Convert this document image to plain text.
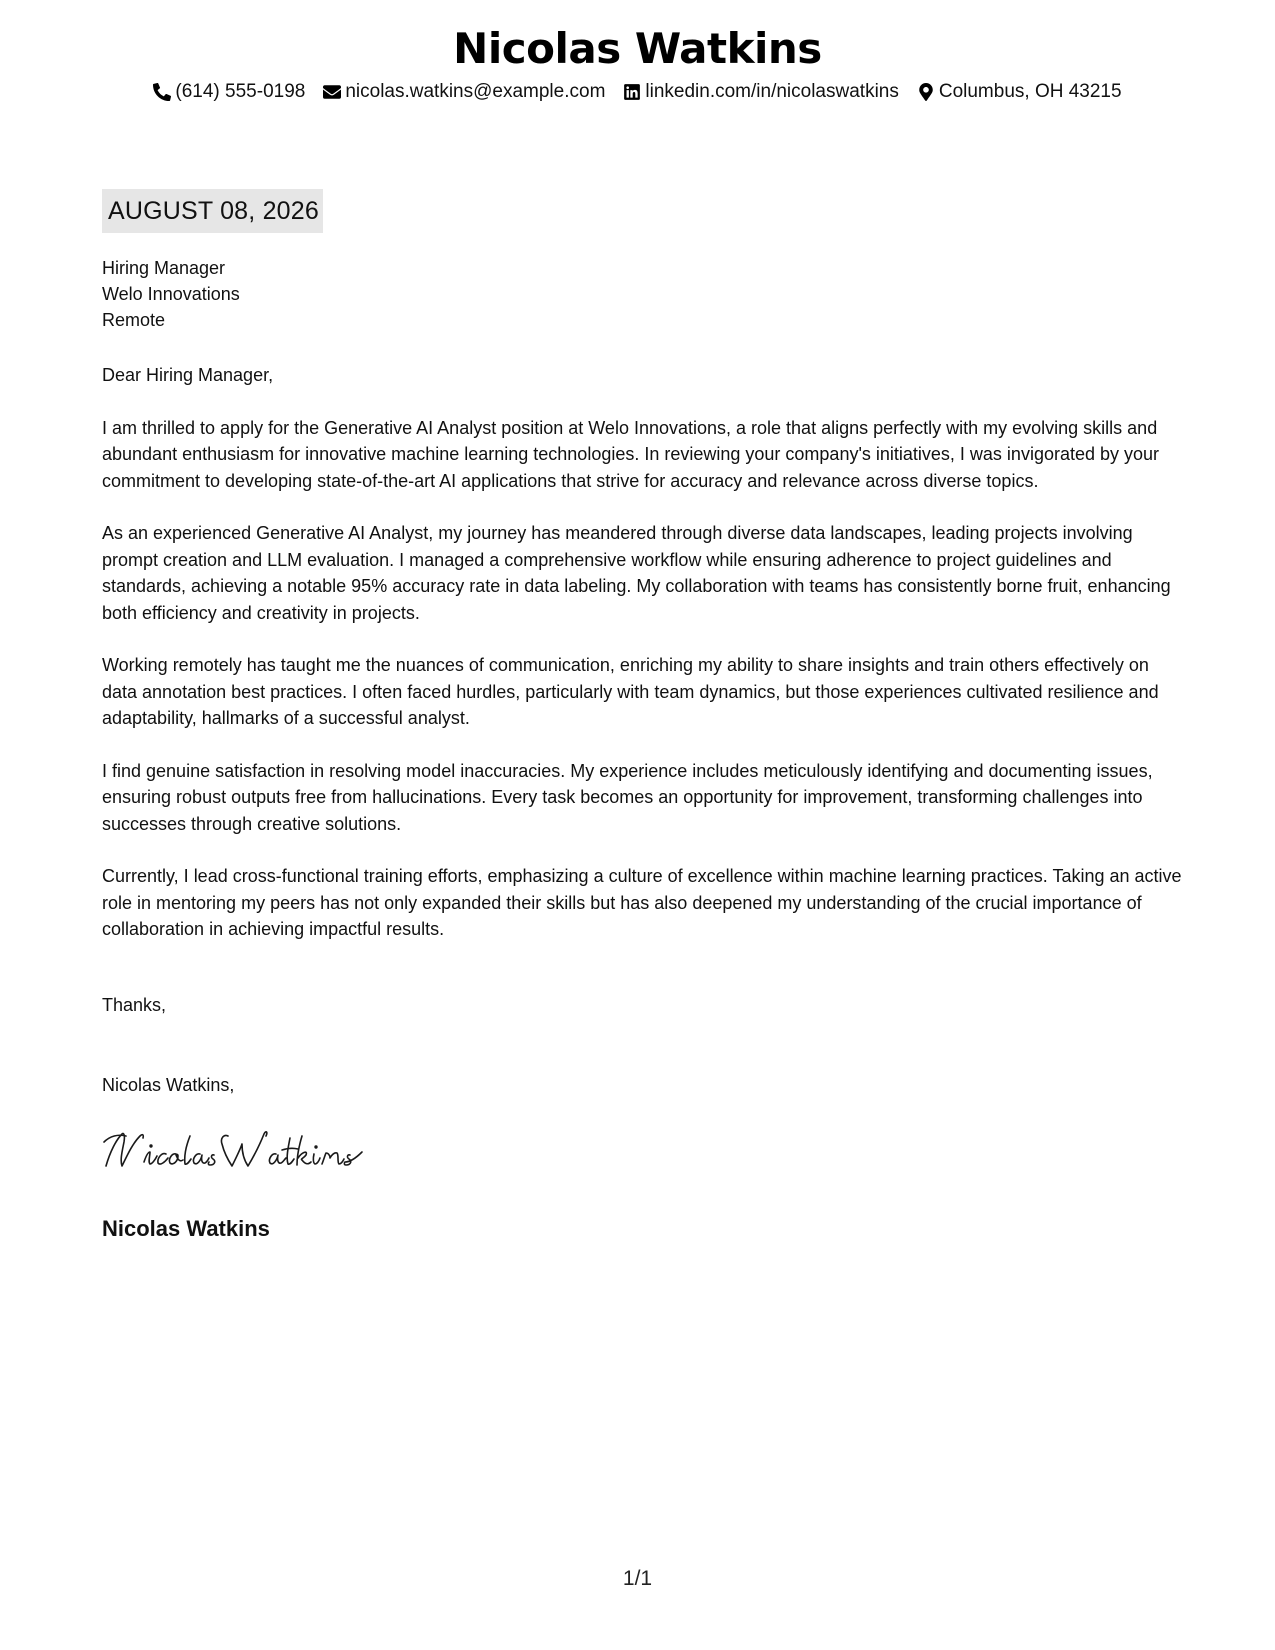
Nicolas Watkins
(614) 555-0198 nicolas.watkins@example.com linkedin.com/in/nicolaswatkins Columbus, OH 43215
AUGUST 08, 2026
Hiring Manager
Welo Innovations
Remote
Dear Hiring Manager,

I am thrilled to apply for the Generative AI Analyst position at Welo Innovations, a role that aligns perfectly with my evolving skills and abundant enthusiasm for innovative machine learning technologies. In reviewing your company's initiatives, I was invigorated by your commitment to developing state-of-the-art AI applications that strive for accuracy and relevance across diverse topics.

As an experienced Generative AI Analyst, my journey has meandered through diverse data landscapes, leading projects involving prompt creation and LLM evaluation. I managed a comprehensive workflow while ensuring adherence to project guidelines and standards, achieving a notable 95% accuracy rate in data labeling. My collaboration with teams has consistently borne fruit, enhancing both efficiency and creativity in projects.

Working remotely has taught me the nuances of communication, enriching my ability to share insights and train others effectively on data annotation best practices. I often faced hurdles, particularly with team dynamics, but those experiences cultivated resilience and adaptability, hallmarks of a successful analyst.

I find genuine satisfaction in resolving model inaccuracies. My experience includes meticulously identifying and documenting issues, ensuring robust outputs free from hallucinations. Every task becomes an opportunity for improvement, transforming challenges into successes through creative solutions.

Currently, I lead cross-functional training efforts, emphasizing a culture of excellence within machine learning practices. Taking an active role in mentoring my peers has not only expanded their skills but has also deepened my understanding of the crucial importance of collaboration in achieving impactful results.

Thanks,
Nicolas Watkins,
Nicolas Watkins
1/1
